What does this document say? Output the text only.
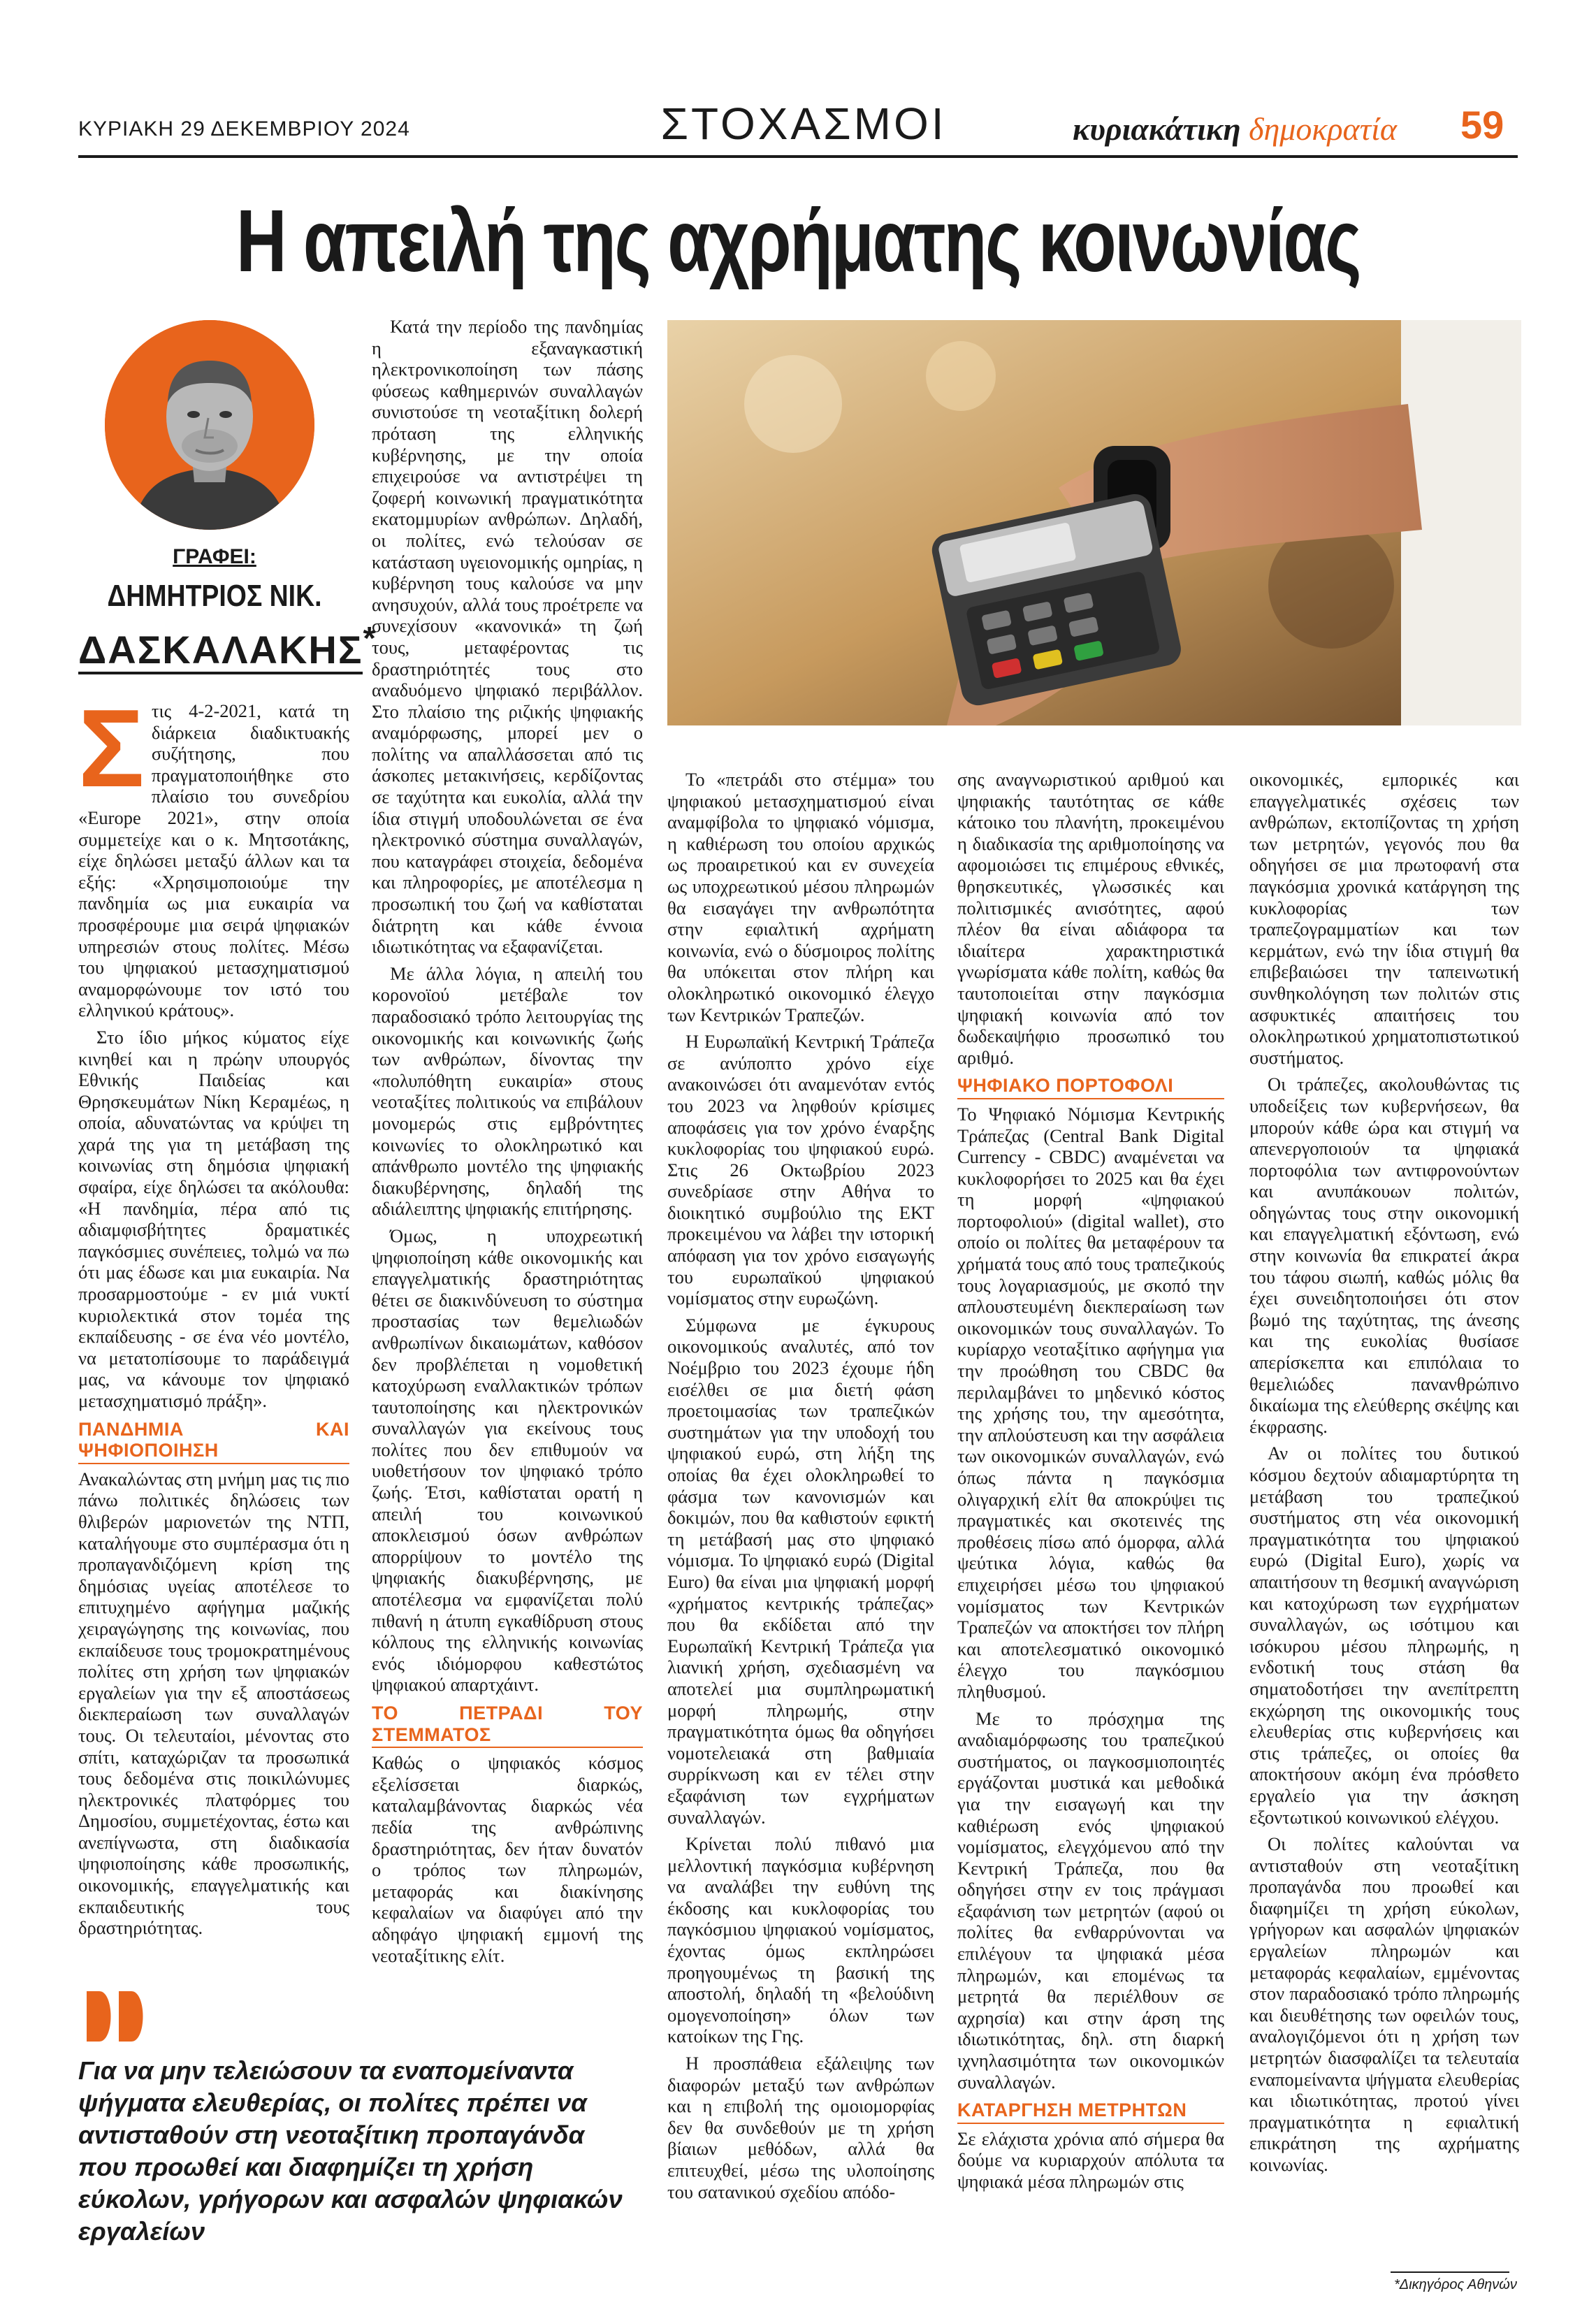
ΚΥΡΙΑΚΗ 29 ΔΕΚΕΜΒΡΙΟΥ 2024	ΣΤΟΧΑΣΜΟΙ	κυριακάτικη δημοκρατία 59
Η απειλή της αχρήματης κοινωνίας
ΓΡΑΦΕΙ:
ΔΗΜΗΤΡΙΟΣ ΝΙΚ.
ΔΑΣΚΑΛΑΚΗΣ*

Στις 4-2-2021, κατά τη διάρκεια διαδικτυακής συζήτησης, που πραγματοποιήθηκε στο πλαίσιο του συνεδρίου «Europe 2021», στην οποία συμμετείχε και ο κ. Μητσοτάκης, είχε δηλώσει μεταξύ άλλων και τα εξής: «Χρησιμοποιούμε την πανδημία ως μια ευκαιρία να προσφέρουμε μια σειρά ψηφιακών υπηρεσιών στους πολίτες. Μέσω του ψηφιακού μετασχηματισμού αναμορφώνουμε τον ιστό του ελληνικού κράτους».

Στο ίδιο μήκος κύματος είχε κινηθεί και η πρώην υπουργός Εθνικής Παιδείας και Θρησκευμάτων Νίκη Κεραμέως, η οποία, αδυνατώντας να κρύψει τη χαρά της για τη μετάβαση της κοινωνίας στη δημόσια ψηφιακή σφαίρα, είχε δηλώσει τα ακόλουθα: «Η πανδημία, πέρα από τις αδιαμφισβήτητες δραματικές παγκόσμιες συνέπειες, τολμώ να πω ότι μας έδωσε και μια ευκαιρία. Να προσαρμοστούμε - εν μιά νυκτί κυριολεκτικά στον τομέα της εκπαίδευσης - σε ένα νέο μοντέλο, να μετατοπίσουμε το παράδειγμά μας, να κάνουμε τον ψηφιακό μετασχηματισμό πράξη».

ΠΑΝΔΗΜΙΑ ΚΑΙ ΨΗΦΙΟΠΟΙΗΣΗ

Ανακαλώντας στη μνήμη μας τις πιο πάνω πολιτικές δηλώσεις των θλιβερών μαριονετών της ΝΤΠ, καταλήγουμε στο συμπέρασμα ότι η προπαγανδιζόμενη κρίση της δημόσιας υγείας αποτέλεσε το επιτυχημένο αφήγημα μαζικής χειραγώγησης της κοινωνίας, που εκπαίδευσε τους τρομοκρατημένους πολίτες στη χρήση των ψηφιακών εργαλείων για την εξ αποστάσεως διεκπεραίωση των συναλλαγών τους. Οι τελευταίοι, μένοντας στο σπίτι, καταχώριζαν τα προσωπικά τους δεδομένα στις ποικιλώνυμες ηλεκτρονικές πλατφόρμες του Δημοσίου, συμμετέχοντας, έστω και ανεπίγνωστα, στη διαδικασία ψηφιοποίησης κάθε προσωπικής, οικονομικής, επαγγελματικής και εκπαιδευτικής τους δραστηριότητας.

Κατά την περίοδο της πανδημίας η εξαναγκαστική ηλεκτρονικοποίηση των πάσης φύσεως καθημερινών συναλλαγών συνιστούσε τη νεοταξίτικη δολερή πρόταση της ελληνικής κυβέρνησης, με την οποία επιχειρούσε να αντιστρέψει τη ζοφερή κοινωνική πραγματικότητα εκατομμυρίων ανθρώπων. Δηλαδή, οι πολίτες, ενώ τελούσαν σε κατάσταση υγειονομικής ομηρίας, η κυβέρνηση τους καλούσε να μην ανησυχούν, αλλά τους προέτρεπε να συνεχίσουν «κανονικά» τη ζωή τους, μεταφέροντας τις δραστηριότητές τους στο αναδυόμενο ψηφιακό περιβάλλον. Στο πλαίσιο της ριζικής ψηφιακής αναμόρφωσης, μπορεί μεν ο πολίτης να απαλλάσσεται από τις άσκοπες μετακινήσεις, κερδίζοντας σε ταχύτητα και ευκολία, αλλά την ίδια στιγμή υποδουλώνεται σε ένα ηλεκτρονικό σύστημα συναλλαγών, που καταγράφει στοιχεία, δεδομένα και πληροφορίες, με αποτέλεσμα η προσωπική του ζωή να καθίσταται διάτρητη και κάθε έννοια ιδιωτικότητας να εξαφανίζεται.

Με άλλα λόγια, η απειλή του κορονοϊού μετέβαλε τον παραδοσιακό τρόπο λειτουργίας της οικονομικής και κοινωνικής ζωής των ανθρώπων, δίνοντας την «πολυπόθητη ευκαιρία» στους νεοταξίτες πολιτικούς να επιβάλουν μονομερώς στις εμβρόντητες κοινωνίες το ολοκληρωτικό και απάνθρωπο μοντέλο της ψηφιακής διακυβέρνησης, δηλαδή της αδιάλειπτης ψηφιακής επιτήρησης.

Όμως, η υποχρεωτική ψηφιοποίηση κάθε οικονομικής και επαγγελματικής δραστηριότητας θέτει σε διακινδύνευση το σύστημα προστασίας των θεμελιωδών ανθρωπίνων δικαιωμάτων, καθόσον δεν προβλέπεται η νομοθετική κατοχύρωση εναλλακτικών τρόπων ταυτοποίησης και ηλεκτρονικών συναλλαγών για εκείνους τους πολίτες που δεν επιθυμούν να υιοθετήσουν τον ψηφιακό τρόπο ζωής. Έτσι, καθίσταται ορατή η απειλή του κοινωνικού αποκλεισμού όσων ανθρώπων απορρίψουν το μοντέλο της ψηφιακής διακυβέρνησης, με αποτέλεσμα να εμφανίζεται πολύ πιθανή η άτυπη εγκαθίδρυση στους κόλπους της ελληνικής κοινωνίας ενός ιδιόμορφου καθεστώτος ψηφιακού απαρτχάιντ.

ΤΟ ΠΕΤΡΑΔΙ ΤΟΥ ΣΤΕΜΜΑΤΟΣ

Καθώς ο ψηφιακός κόσμος εξελίσσεται διαρκώς, καταλαμβάνοντας διαρκώς νέα πεδία της ανθρώπινης δραστηριότητας, δεν ήταν δυνατόν ο τρόπος των πληρωμών, μεταφοράς και διακίνησης κεφαλαίων να διαφύγει από την αδηφάγο ψηφιακή εμμονή της νεοταξίτικης ελίτ.

Το «πετράδι στο στέμμα» του ψηφιακού μετασχηματισμού είναι αναμφίβολα το ψηφιακό νόμισμα, η καθιέρωση του οποίου αρχικώς ως προαιρετικού και εν συνεχεία ως υποχρεωτικού μέσου πληρωμών θα εισαγάγει την ανθρωπότητα στην εφιαλτική αχρήματη κοινωνία, ενώ ο δύσμοιρος πολίτης θα υπόκειται στον πλήρη και ολοκληρωτικό οικονομικό έλεγχο των Κεντρικών Τραπεζών.

Η Ευρωπαϊκή Κεντρική Τράπεζα σε ανύποπτο χρόνο είχε ανακοινώσει ότι αναμενόταν εντός του 2023 να ληφθούν κρίσιμες αποφάσεις για τον χρόνο έναρξης κυκλοφορίας του ψηφιακού ευρώ. Στις 26 Οκτωβρίου 2023 συνεδρίασε στην Αθήνα το διοικητικό συμβούλιο της ΕΚΤ προκειμένου να λάβει την ιστορική απόφαση για τον χρόνο εισαγωγής του ευρωπαϊκού ψηφιακού νομίσματος στην ευρωζώνη.

Σύμφωνα με έγκυρους οικονομικούς αναλυτές, από τον Νοέμβριο του 2023 έχουμε ήδη εισέλθει σε μια διετή φάση προετοιμασίας των τραπεζικών συστημάτων για την υποδοχή του ψηφιακού ευρώ, στη λήξη της οποίας θα έχει ολοκληρωθεί το φάσμα των κανονισμών και δοκιμών, που θα καθιστούν εφικτή τη μετάβασή μας στο ψηφιακό νόμισμα. Το ψηφιακό ευρώ (Digital Euro) θα είναι μια ψηφιακή μορφή «χρήματος κεντρικής τράπεζας» που θα εκδίδεται από την Ευρωπαϊκή Κεντρική Τράπεζα για λιανική χρήση, σχεδιασμένη να αποτελεί μια συμπληρωματική μορφή πληρωμής, στην πραγματικότητα όμως θα οδηγήσει νομοτελειακά στη βαθμιαία συρρίκνωση και εν τέλει στην εξαφάνιση των εγχρήματων συναλλαγών.

Κρίνεται πολύ πιθανό μια μελλοντική παγκόσμια κυβέρνηση να αναλάβει την ευθύνη της έκδοσης και κυκλοφορίας του παγκόσμιου ψηφιακού νομίσματος, έχοντας όμως εκπληρώσει προηγουμένως τη βασική της αποστολή, δηλαδή τη «βελούδινη ομογενοποίηση» όλων των κατοίκων της Γης.

Η προσπάθεια εξάλειψης των διαφορών μεταξύ των ανθρώπων και η επιβολή της ομοιομορφίας δεν θα συνδεθούν με τη χρήση βίαιων μεθόδων, αλλά θα επιτευχθεί, μέσω της υλοποίησης του σατανικού σχεδίου απόδο-

σης αναγνωριστικού αριθμού και ψηφιακής ταυτότητας σε κάθε κάτοικο του πλανήτη, προκειμένου η διαδικασία της αριθμοποίησης να αφομοιώσει τις επιμέρους εθνικές, θρησκευτικές, γλωσσικές και πολιτισμικές ανισότητες, αφού πλέον θα είναι αδιάφορα τα ιδιαίτερα χαρακτηριστικά γνωρίσματα κάθε πολίτη, καθώς θα ταυτοποιείται στην παγκόσμια ψηφιακή κοινωνία από τον δωδεκαψήφιο προσωπικό του αριθμό.

ΨΗΦΙΑΚΟ ΠΟΡΤΟΦΟΛΙ

Το Ψηφιακό Νόμισμα Κεντρικής Τράπεζας (Central Bank Digital Currency - CBDC) αναμένεται να κυκλοφορήσει το 2025 και θα έχει τη μορφή «ψηφιακού πορτοφολιού» (digital wallet), στο οποίο οι πολίτες θα μεταφέρουν τα χρήματά τους από τους τραπεζικούς τους λογαριασμούς, με σκοπό την απλουστευμένη διεκπεραίωση των οικονομικών τους συναλλαγών. Το κυρίαρχο νεοταξίτικο αφήγημα για την προώθηση του CBDC θα περιλαμβάνει το μηδενικό κόστος της χρήσης του, την αμεσότητα, την απλούστευση και την ασφάλεια των οικονομικών συναλλαγών, ενώ όπως πάντα η παγκόσμια ολιγαρχική ελίτ θα αποκρύψει τις πραγματικές και σκοτεινές της προθέσεις πίσω από όμορφα, αλλά ψεύτικα λόγια, καθώς θα επιχειρήσει μέσω του ψηφιακού νομίσματος των Κεντρικών Τραπεζών να αποκτήσει τον πλήρη και αποτελεσματικό οικονομικό έλεγχο του παγκόσμιου πληθυσμού.

Με το πρόσχημα της αναδιαμόρφωσης του τραπεζικού συστήματος, οι παγκοσμιοποιητές εργάζονται μυστικά και μεθοδικά για την εισαγωγή και την καθιέρωση ενός ψηφιακού νομίσματος, ελεγχόμενου από την Κεντρική Τράπεζα, που θα οδηγήσει στην εν τοις πράγμασι εξαφάνιση των μετρητών (αφού οι πολίτες θα ενθαρρύνονται να επιλέγουν τα ψηφιακά μέσα πληρωμών, και επομένως τα μετρητά θα περιέλθουν σε αχρησία) και στην άρση της ιδιωτικότητας, δηλ. στη διαρκή ιχνηλασιμότητα των οικονομικών συναλλαγών.

ΚΑΤΑΡΓΗΣΗ ΜΕΤΡΗΤΩΝ

Σε ελάχιστα χρόνια από σήμερα θα δούμε να κυριαρχούν απόλυτα τα ψηφιακά μέσα πληρωμών στις

οικονομικές, εμπορικές και επαγγελματικές σχέσεις των ανθρώπων, εκτοπίζοντας τη χρήση των μετρητών, γεγονός που θα οδηγήσει σε μια πρωτοφανή στα παγκόσμια χρονικά κατάργηση της κυκλοφορίας των τραπεζογραμματίων και των κερμάτων, ενώ την ίδια στιγμή θα επιβεβαιώσει την ταπεινωτική συνθηκολόγηση των πολιτών στις ασφυκτικές απαιτήσεις του ολοκληρωτικού χρηματοπιστωτικού συστήματος.

Οι τράπεζες, ακολουθώντας τις υποδείξεις των κυβερνήσεων, θα μπορούν κάθε ώρα και στιγμή να απενεργοποιούν τα ψηφιακά πορτοφόλια των αντιφρονούντων και ανυπάκουων πολιτών, οδηγώντας τους στην οικονομική και επαγγελματική εξόντωση, ενώ στην κοινωνία θα επικρατεί άκρα του τάφου σιωπή, καθώς μόλις θα έχει συνειδητοποιήσει ότι στον βωμό της ταχύτητας, της άνεσης και της ευκολίας θυσίασε απερίσκεπτα και επιπόλαια το θεμελιώδες πανανθρώπινο δικαίωμα της ελεύθερης σκέψης και έκφρασης.

Αν οι πολίτες του δυτικού κόσμου δεχτούν αδιαμαρτύρητα τη μετάβαση του τραπεζικού συστήματος στη νέα οικονομική πραγματικότητα του ψηφιακού ευρώ (Digital Euro), χωρίς να απαιτήσουν τη θεσμική αναγνώριση και κατοχύρωση των εγχρήματων συναλλαγών, ως ισότιμου και ισόκυρου μέσου πληρωμής, η ενδοτική τους στάση θα σηματοδοτήσει την ανεπίτρεπτη εκχώρηση της οικονομικής τους ελευθερίας στις κυβερνήσεις και στις τράπεζες, οι οποίες θα αποκτήσουν ακόμη ένα πρόσθετο εργαλείο για την άσκηση εξοντωτικού κοινωνικού ελέγχου.

Οι πολίτες καλούνται να αντισταθούν στη νεοταξίτικη προπαγάνδα που προωθεί και διαφημίζει τη χρήση εύκολων, γρήγορων και ασφαλών ψηφιακών εργαλείων πληρωμών και μεταφοράς κεφαλαίων, εμμένοντας στον παραδοσιακό τρόπο πληρωμής και διευθέτησης των οφειλών τους, αναλογιζόμενοι ότι η χρήση των μετρητών διασφαλίζει τα τελευταία εναπομείναντα ψήγματα ελευθερίας και ιδιωτικότητας, προτού γίνει πραγματικότητα η εφιαλτική επικράτηση της αχρήματης κοινωνίας.

Για να μην τελειώσουν τα εναπομείναντα ψήγματα ελευθερίας, οι πολίτες πρέπει να αντισταθούν στη νεοταξίτικη προπαγάνδα που προωθεί και διαφημίζει τη χρήση εύκολων, γρήγορων και ασφαλών ψηφιακών εργαλείων
*Δικηγόρος Αθηνών
